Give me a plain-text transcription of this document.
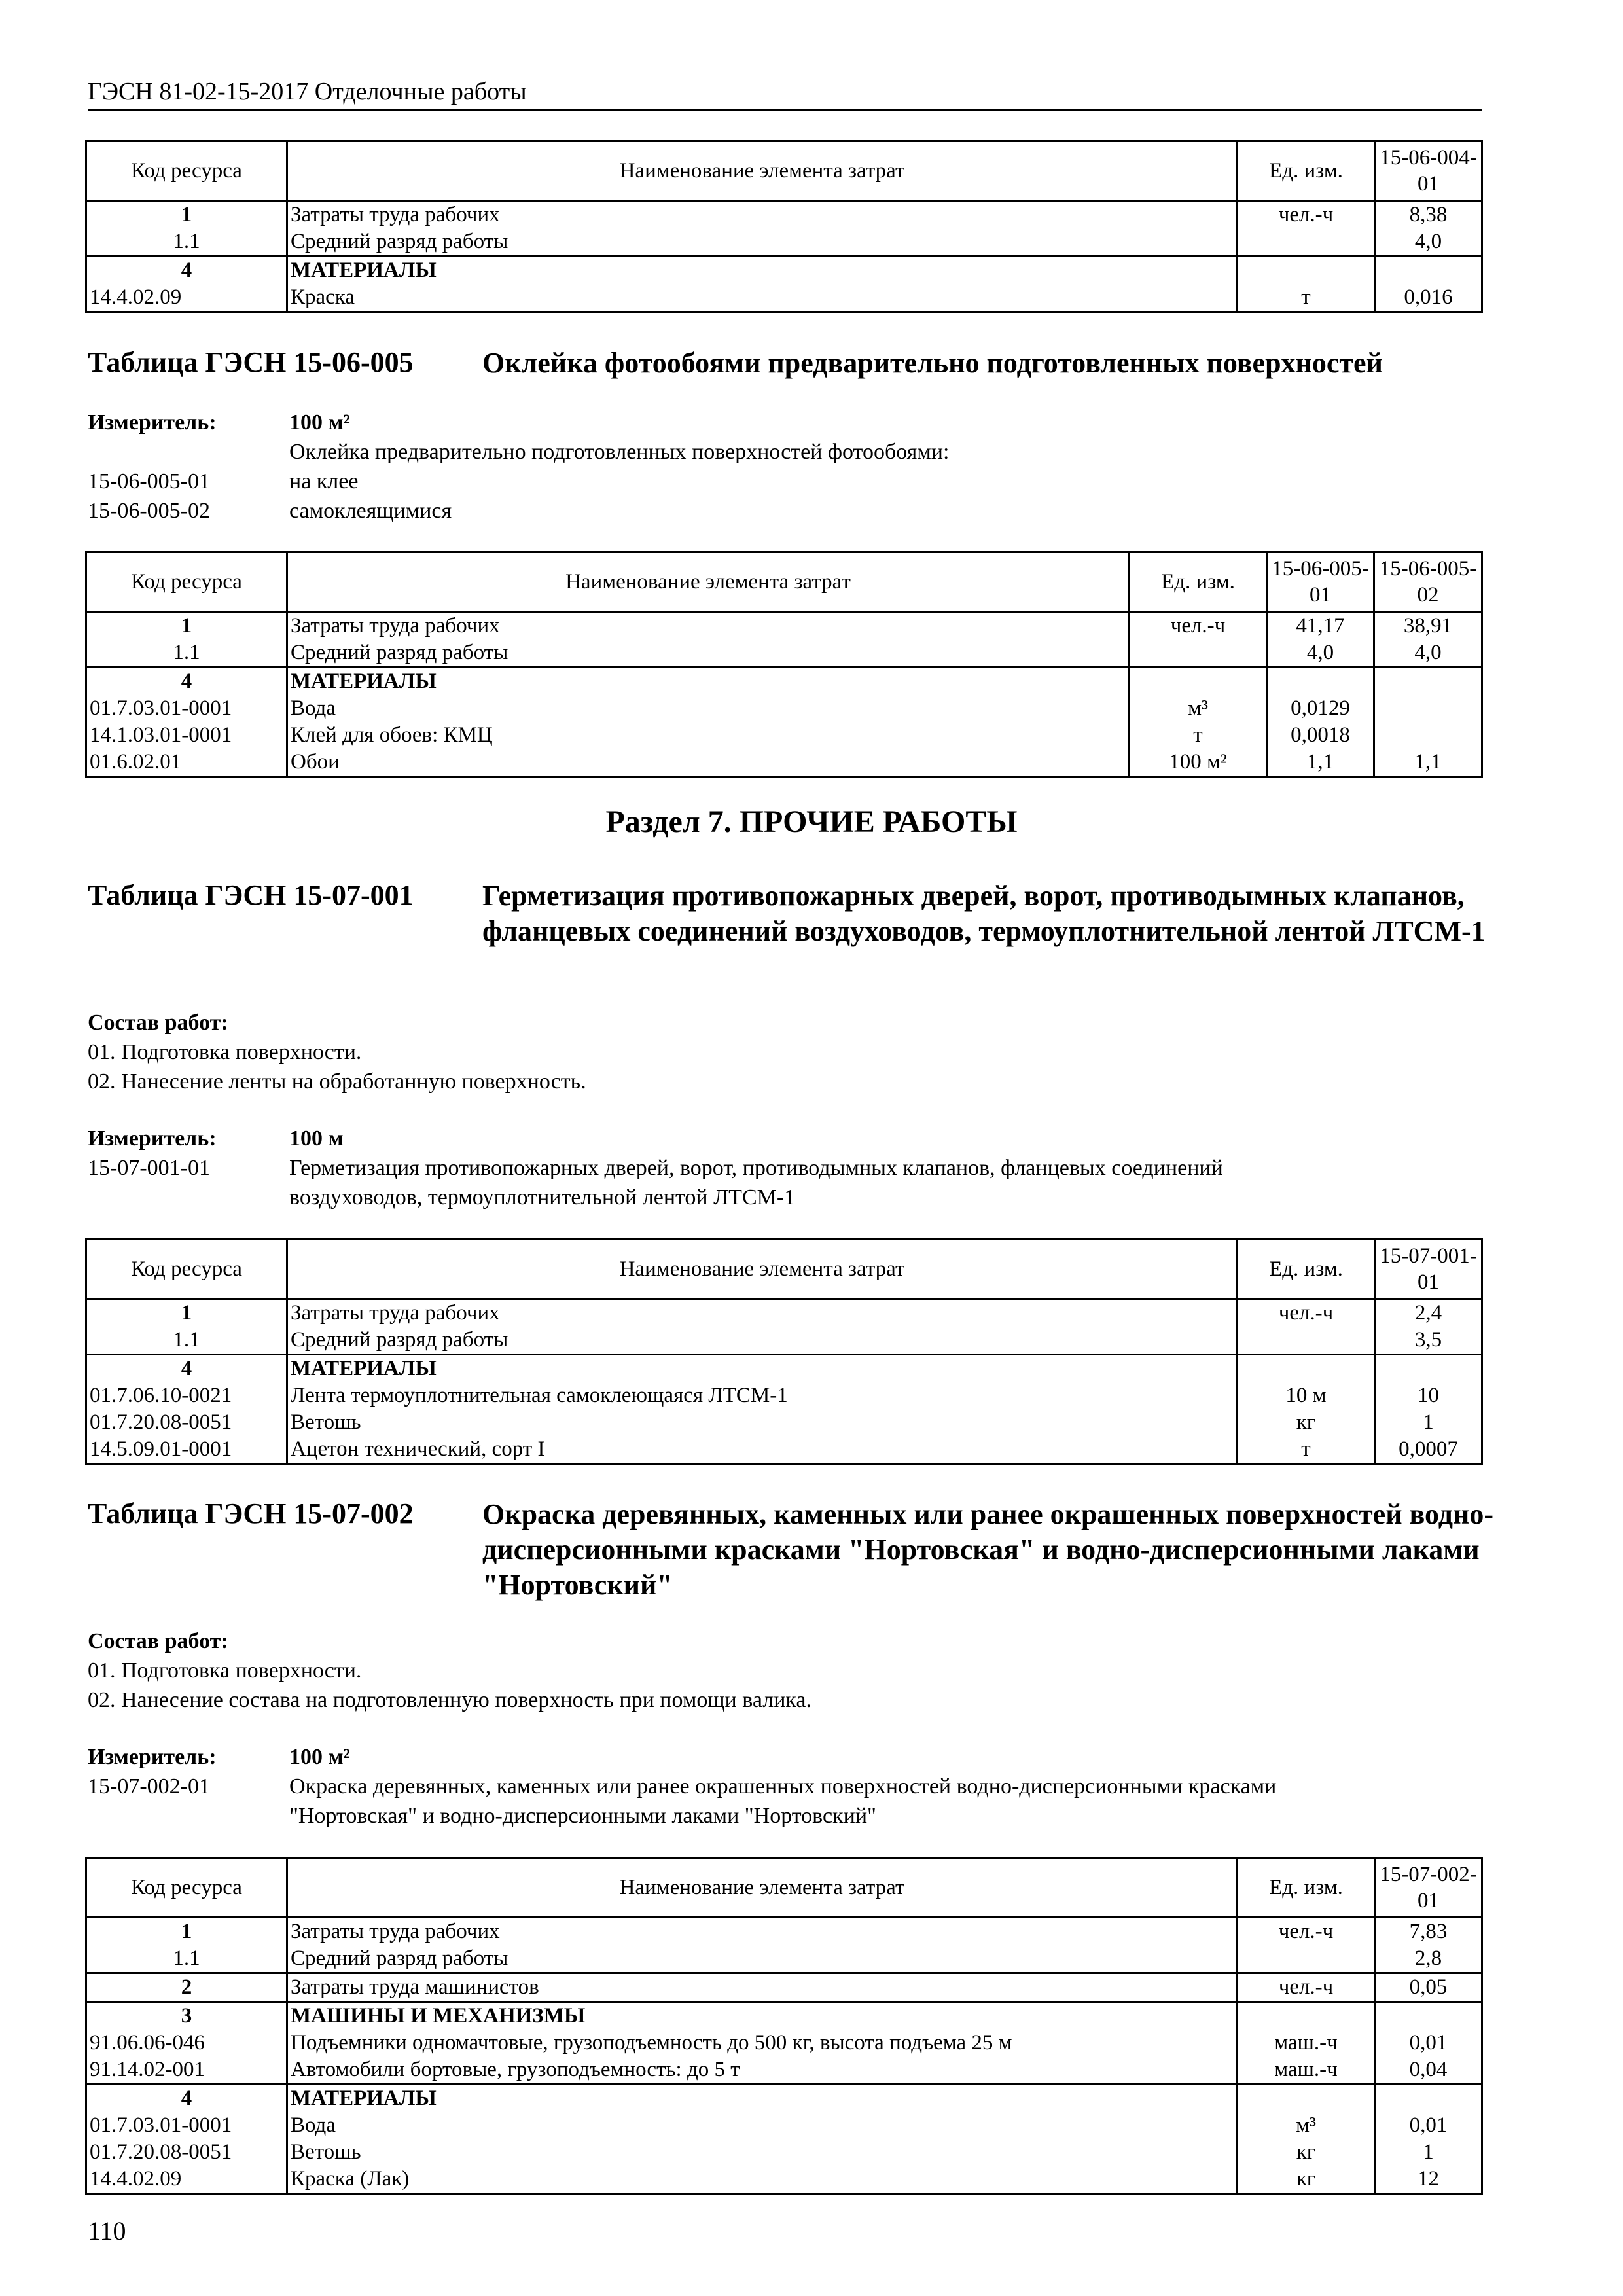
ГЭСН 81-02-15-2017 Отделочные работы
Код ресурса	Наименование элемента затрат	Ед. изм.	15-06-004-01
1	Затраты труда рабочих	чел.-ч	8,38
1.1	Средний разряд работы		4,0
4	МАТЕРИАЛЫ		
14.4.02.09	Краска	т	0,016
Таблица ГЭСН 15-06-005 Оклейка фотообоями предварительно подготовленных поверхностей
Измеритель:	100 м²
Оклейка предварительно подготовленных поверхностей фотообоями:
15-06-005-01	на клее
15-06-005-02	самоклеящимися
Код ресурса	Наименование элемента затрат	Ед. изм.	15-06-005-01	15-06-005-02
1	Затраты труда рабочих	чел.-ч	41,17	38,91
1.1	Средний разряд работы		4,0	4,0
4	МАТЕРИАЛЫ			
01.7.03.01-0001	Вода	м³	0,0129	
14.1.03.01-0001	Клей для обоев: КМЦ	т	0,0018	
01.6.02.01	Обои	100 м²	1,1	1,1
Раздел 7. ПРОЧИЕ РАБОТЫ
Таблица ГЭСН 15-07-001 Герметизация противопожарных дверей, ворот, противодымных клапанов, фланцевых соединений воздуховодов, термоуплотнительной лентой ЛТСМ-1
Состав работ:
01. Подготовка поверхности.
02. Нанесение ленты на обработанную поверхность.
Измеритель:	100 м
15-07-001-01	Герметизация противопожарных дверей, ворот, противодымных клапанов, фланцевых соединений
воздуховодов, термоуплотнительной лентой ЛТСМ-1
Код ресурса	Наименование элемента затрат	Ед. изм.	15-07-001-01
1	Затраты труда рабочих	чел.-ч	2,4
1.1	Средний разряд работы		3,5
4	МАТЕРИАЛЫ		
01.7.06.10-0021	Лента термоуплотнительная самоклеющаяся ЛТСМ-1	10 м	10
01.7.20.08-0051	Ветошь	кг	1
14.5.09.01-0001	Ацетон технический, сорт I	т	0,0007
Таблица ГЭСН 15-07-002 Окраска деревянных, каменных или ранее окрашенных поверхностей водно-дисперсионными красками "Нортовская" и водно-дисперсионными лаками "Нортовский"
Состав работ:
01. Подготовка поверхности.
02. Нанесение состава на подготовленную поверхность при помощи валика.
Измеритель:	100 м²
15-07-002-01	Окраска деревянных, каменных или ранее окрашенных поверхностей водно-дисперсионными красками
"Нортовская" и водно-дисперсионными лаками "Нортовский"
Код ресурса	Наименование элемента затрат	Ед. изм.	15-07-002-01
1	Затраты труда рабочих	чел.-ч	7,83
1.1	Средний разряд работы		2,8
2	Затраты труда машинистов	чел.-ч	0,05
3	МАШИНЫ И МЕХАНИЗМЫ		
91.06.06-046	Подъемники одномачтовые, грузоподъемность до 500 кг, высота подъема 25 м	маш.-ч	0,01
91.14.02-001	Автомобили бортовые, грузоподъемность: до 5 т	маш.-ч	0,04
4	МАТЕРИАЛЫ		
01.7.03.01-0001	Вода	м³	0,01
01.7.20.08-0051	Ветошь	кг	1
14.4.02.09	Краска (Лак)	кг	12
110
